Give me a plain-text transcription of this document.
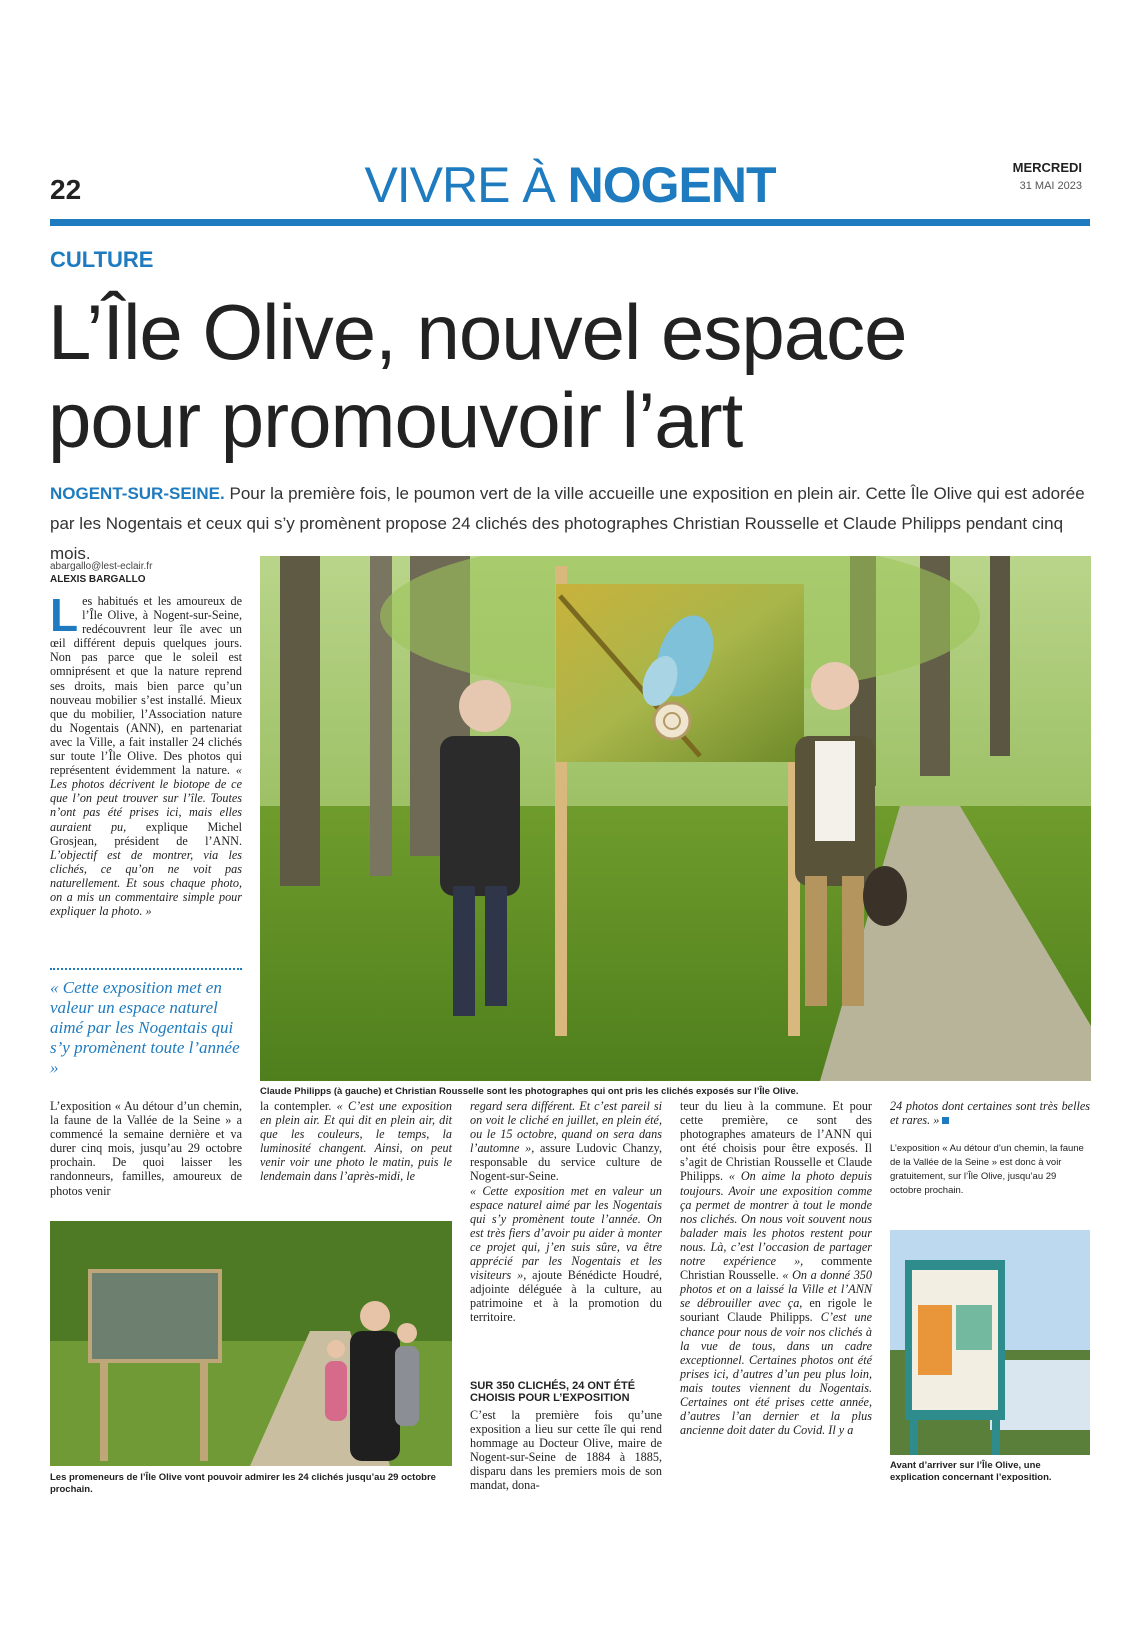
22	VIVRE À NOGENT	MERCREDI
31 MAI 2023
CULTURE
L’Île Olive, nouvel espace
pour promouvoir l’art
NOGENT-SUR-SEINE. Pour la première fois, le poumon vert de la ville accueille une exposition en plein air. Cette Île Olive qui est adorée par les Nogentais et ceux qui s’y promènent propose 24 clichés des photographes Christian Rousselle et Claude Philipps pendant cinq mois.
abargallo@lest-eclair.fr
ALEXIS BARGALLO
L es habitués et les amoureux de l’Île Olive, à Nogent-sur-Seine, redécouvrent leur île avec un œil différent depuis quelques jours. Non pas parce que le soleil est omniprésent et que la nature reprend ses droits, mais bien parce qu’un nouveau mobilier s’est installé. Mieux que du mobilier, l’Association nature du Nogentais (ANN), en partenariat avec la Ville, a fait installer 24 clichés sur toute l’Île Olive. Des photos qui représentent évidemment la nature. « Les photos décrivent le biotope de ce que l’on peut trouver sur l’île. Toutes n’ont pas été prises ici, mais elles auraient pu, explique Michel Grosjean, président de l’ANN. L’objectif est de montrer, via les clichés, ce qu’on ne voit pas naturellement. Et sous chaque photo, on a mis un commentaire simple pour expliquer la photo. »
« Cette exposition met en valeur un espace naturel aimé par les Nogentais qui s’y promènent toute l’année »
L’exposition « Au détour d’un chemin, la faune de la Vallée de la Seine » a commencé la semaine dernière et va durer cinq mois, jusqu’au 29 octobre prochain. De quoi laisser les randonneurs, familles, amoureux de photos venir
Claude Philipps (à gauche) et Christian Rousselle sont les photographes qui ont pris les clichés exposés sur l’Île Olive.
la contempler. « C’est une exposition en plein air. Et qui dit en plein air, dit que les couleurs, le temps, la luminosité changent. Ainsi, on peut venir voir une photo le matin, puis le lendemain dans l’après-midi, le
regard sera différent. Et c’est pareil si on voit le cliché en juillet, en plein été, ou le 15 octobre, quand on sera dans l’automne », assure Ludovic Chanzy, responsable du service culture de Nogent-sur-Seine.
« Cette exposition met en valeur un espace naturel aimé par les Nogentais qui s’y promènent toute l’année. On est très fiers d’avoir pu aider à monter ce projet qui, j’en suis sûre, va être apprécié par les Nogentais et les visiteurs », ajoute Bénédicte Houdré, adjointe déléguée à la culture, au patrimoine et à la promotion du territoire.
SUR 350 CLICHÉS, 24 ONT ÉTÉ CHOISIS POUR L’EXPOSITION
C’est la première fois qu’une exposition a lieu sur cette île qui rend hommage au Docteur Olive, maire de Nogent-sur-Seine de 1884 à 1885, disparu dans les premiers mois de son mandat, dona-
teur du lieu à la commune. Et pour cette première, ce sont des photographes amateurs de l’ANN qui ont été choisis pour être exposés. Il s’agit de Christian Rousselle et Claude Philipps. « On aime la photo depuis toujours. Avoir une exposition comme ça permet de montrer à tout le monde nos clichés. On nous voit souvent nous balader mais les photos restent pour nous. Là, c’est l’occasion de partager notre expérience », commente Christian Rousselle. « On a donné 350 photos et on a laissé la Ville et l’ANN se débrouiller avec ça, en rigole le souriant Claude Philipps. C’est une chance pour nous de voir nos clichés à la vue de tous, dans un cadre exceptionnel. Certaines photos ont été prises ici, d’autres d’un peu plus loin, mais toutes viennent du Nogentais. Certaines ont été prises cette année, d’autres l’an dernier et la plus ancienne doit dater du Covid. Il y a
24 photos dont certaines sont très belles et rares. »
L’exposition « Au détour d’un chemin, la faune de la Vallée de la Seine » est donc à voir gratuitement, sur l’Île Olive, jusqu’au 29 octobre prochain.
Les promeneurs de l’Île Olive vont pouvoir admirer les 24 clichés jusqu’au 29 octobre prochain.
Avant d’arriver sur l’Île Olive, une explication concernant l’exposition.
